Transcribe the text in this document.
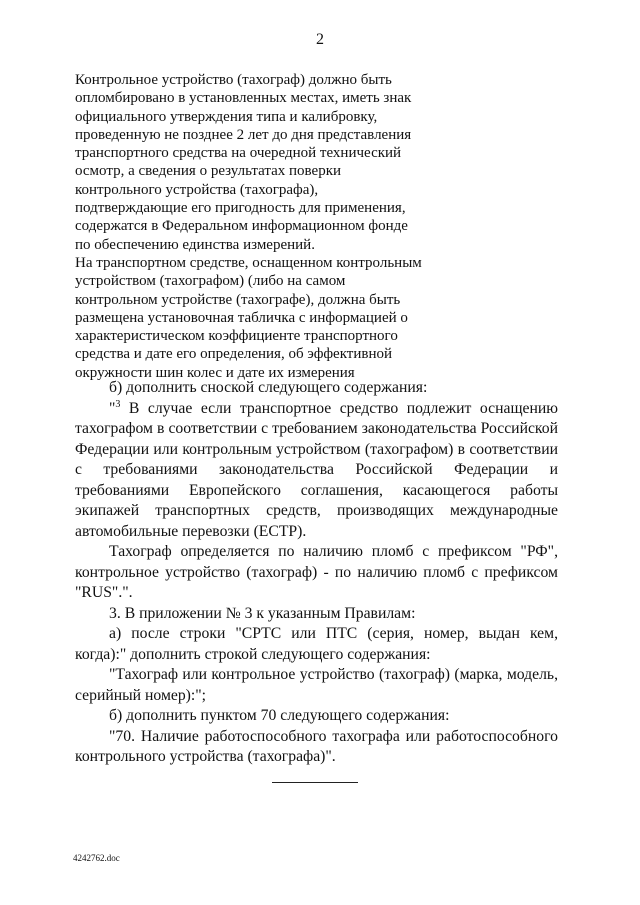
2

Контрольное устройство (тахограф) должно быть
опломбировано в установленных местах, иметь знак
официального утверждения типа и калибровку,
проведенную не позднее 2 лет до дня представления
транспортного средства на очередной технический
осмотр, а сведения о результатах поверки
контрольного устройства (тахографа),
подтверждающие его пригодность для применения,
содержатся в Федеральном информационном фонде
по обеспечению единства измерений.

На транспортном средстве, оснащенном контрольным
устройством (тахографом) (либо на самом
контрольном устройстве (тахографе), должна быть
размещена установочная табличка с информацией о
характеристическом коэффициенте транспортного
средства и дате его определения, об эффективной
окружности шин колес и дате их измерения

б) дополнить сноской следующего содержания:

"$^3$ В случае если транспортное средство подлежит оснащению тахографом в соответствии с требованием законодательства Российской Федерации или контрольным устройством (тахографом) в соответствии с требованиями законодательства Российской Федерации и требованиями Европейского соглашения, касающегося работы экипажей транспортных средств, производящих международные автомобильные перевозки (ЕСТР).

Тахограф определяется по наличию пломб с префиксом "РФ", контрольное устройство (тахограф) - по наличию пломб с префиксом "RUS".".

3. В приложении № 3 к указанным Правилам:

а) после строки "СРТС или ПТС (серия, номер, выдан кем, когда):" дополнить строкой следующего содержания:

"Тахограф или контрольное устройство (тахограф) (марка, модель, серийный номер):";

б) дополнить пунктом 70 следующего содержания:

"70. Наличие работоспособного тахографа или работоспособного контрольного устройства (тахографа)".

4242762.doc
